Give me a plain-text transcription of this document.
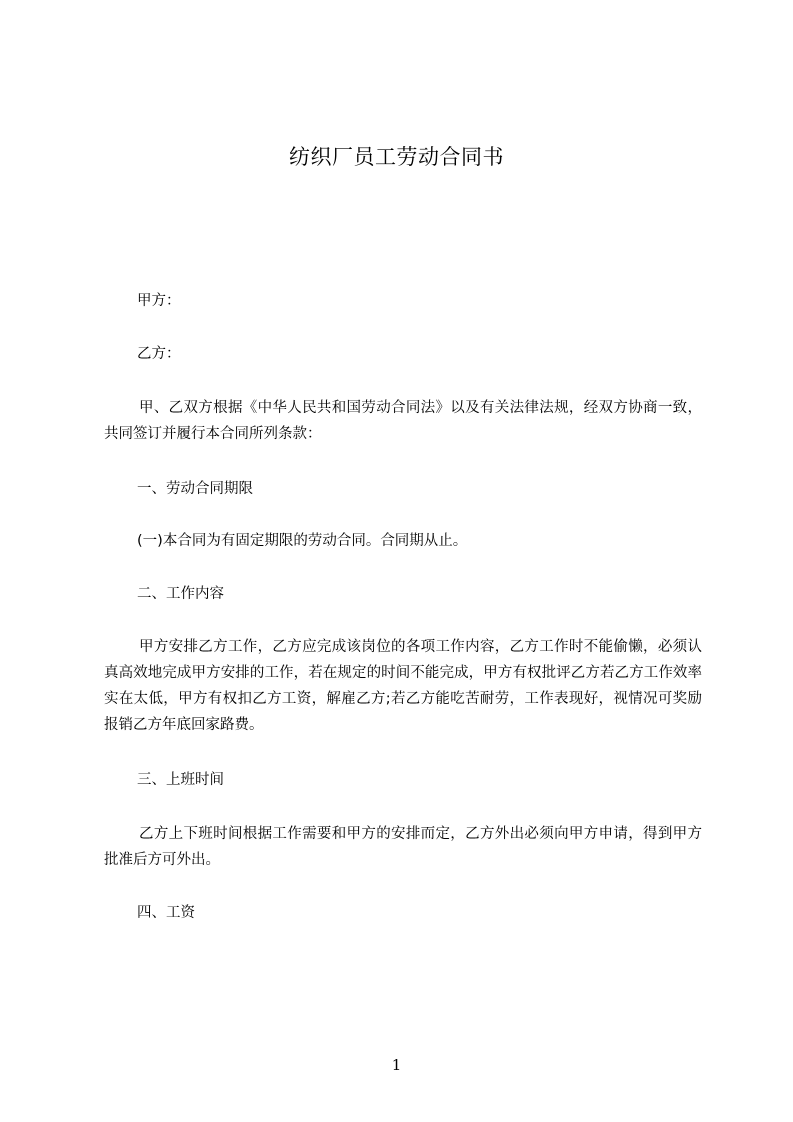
纺织厂员工劳动合同书
甲方：
乙方：

甲、乙双方根据《中华人民共和国劳动合同法》以及有关法律法规，经双方协商一致，共同签订并履行本合同所列条款：

一、劳动合同期限
(一)本合同为有固定期限的劳动合同。合同期从止。
二、工作内容

甲方安排乙方工作，乙方应完成该岗位的各项工作内容，乙方工作时不能偷懒，必须认真高效地完成甲方安排的工作，若在规定的时间不能完成，甲方有权批评乙方若乙方工作效率实在太低，甲方有权扣乙方工资，解雇乙方;若乙方能吃苦耐劳，工作表现好，视情况可奖励报销乙方年底回家路费。

三、上班时间

乙方上下班时间根据工作需要和甲方的安排而定，乙方外出必须向甲方申请，得到甲方批准后方可外出。

四、工资
1
